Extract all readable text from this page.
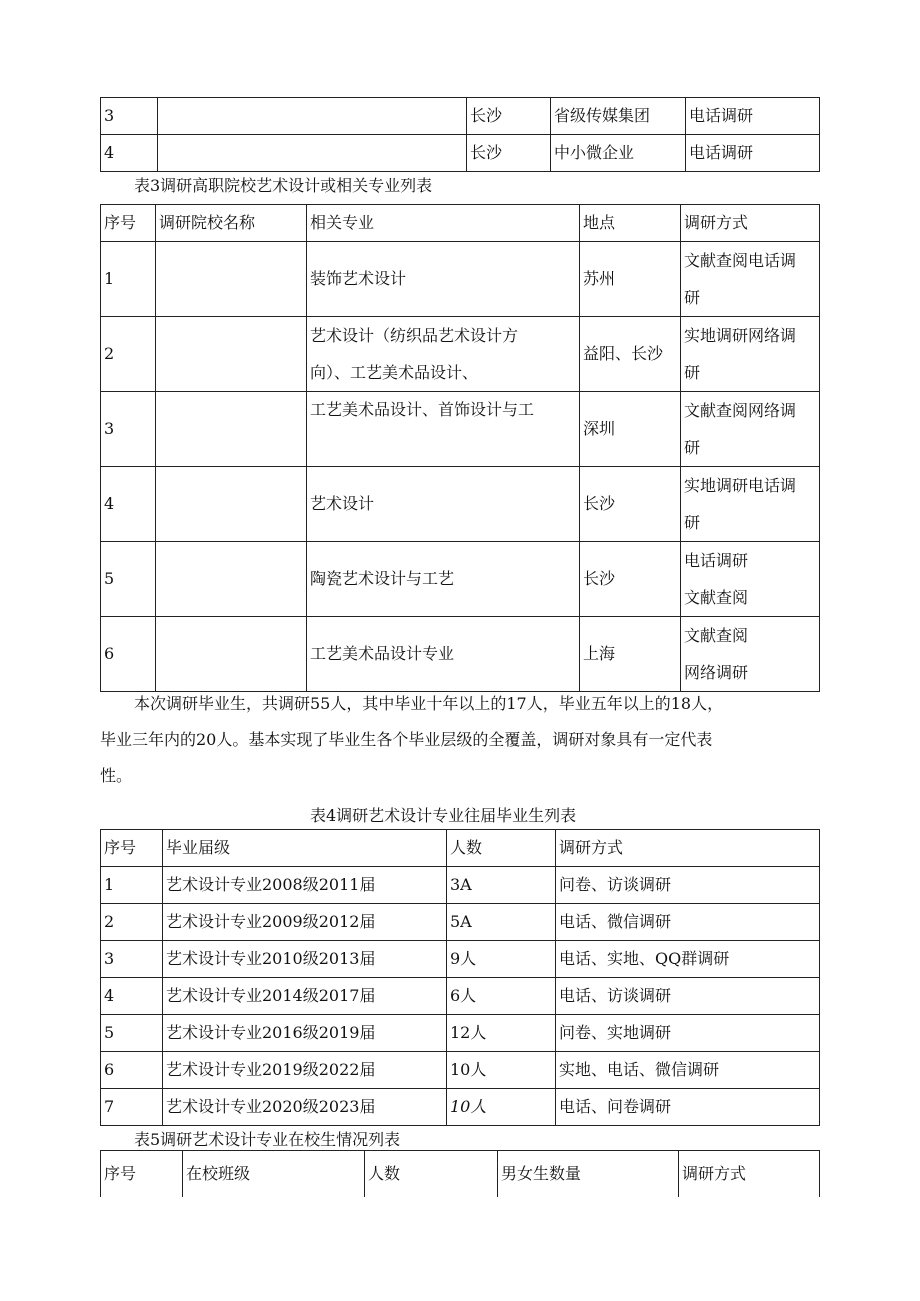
3		长沙	省级传媒集团	电话调研
4		长沙	中小微企业	电话调研
表3调研高职院校艺术设计或相关专业列表
序号	调研院校名称	相关专业	地点	调研方式
1		装饰艺术设计	苏州	文献查阅电话调
研
2		艺术设计（纺织品艺术设计方
向）、工艺美术品设计、	益阳、长沙	实地调研网络调
研
3		工艺美术品设计、首饰设计与工	深圳	文献查阅网络调
研
4		艺术设计	长沙	实地调研电话调
研
5		陶瓷艺术设计与工艺	长沙	电话调研
文献查阅
6		工艺美术品设计专业	上海	文献查阅
网络调研
本次调研毕业生，共调研55人，其中毕业十年以上的17人，毕业五年以上的18人，
毕业三年内的20人。基本实现了毕业生各个毕业层级的全覆盖，调研对象具有一定代表
性。
表4调研艺术设计专业往届毕业生列表
序号	毕业届级	人数	调研方式
1	艺术设计专业2008级2011届	3A	问卷、访谈调研
2	艺术设计专业2009级2012届	5A	电话、微信调研
3	艺术设计专业2010级2013届	9人	电话、实地、QQ群调研
4	艺术设计专业2014级2017届	6人	电话、访谈调研
5	艺术设计专业2016级2019届	12人	问卷、实地调研
6	艺术设计专业2019级2022届	10人	实地、电话、微信调研
7	艺术设计专业2020级2023届	10人	电话、问卷调研
表5调研艺术设计专业在校生情况列表
序号	在校班级	人数	男女生数量	调研方式
